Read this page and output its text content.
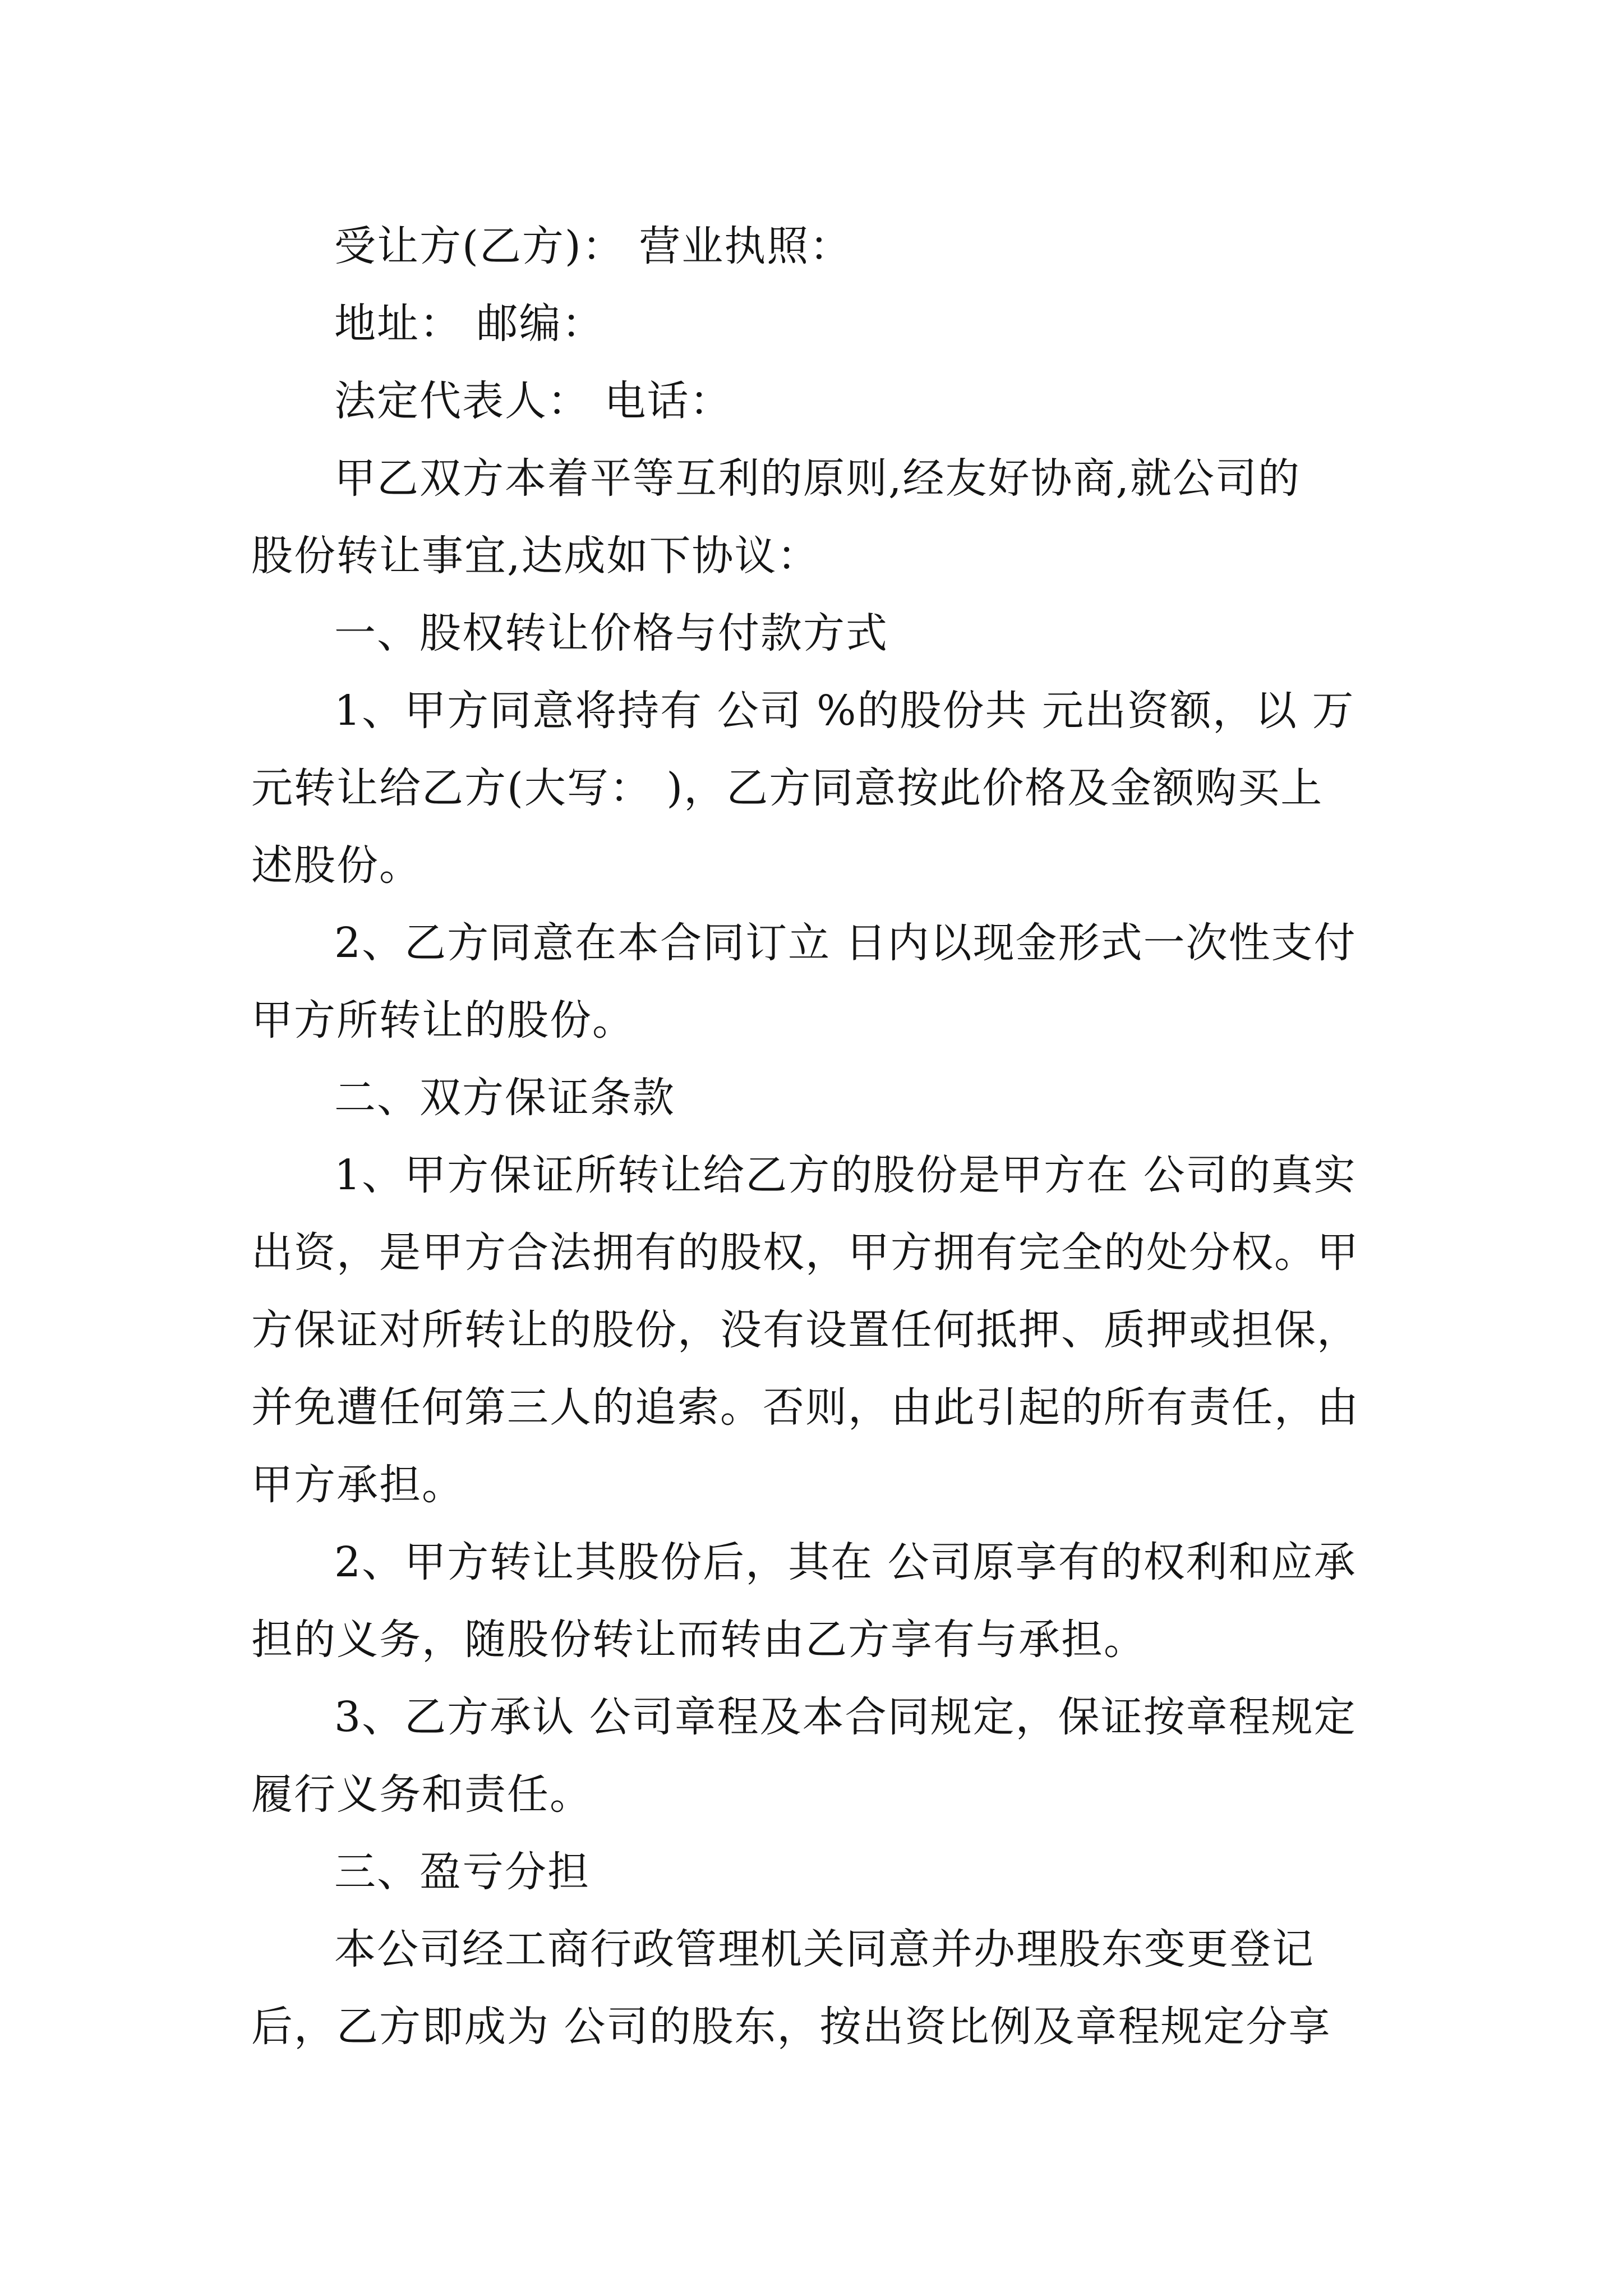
受让方(乙方)： 营业执照：
地址： 邮编：
法定代表人： 电话：
甲乙双方本着平等互利的原则,经友好协商,就公司的
股份转让事宜,达成如下协议：
一、股权转让价格与付款方式
1、甲方同意将持有 公司 %的股份共 元出资额，以 万
元转让给乙方(大写： )，乙方同意按此价格及金额购买上
述股份。
2、乙方同意在本合同订立 日内以现金形式一次性支付
甲方所转让的股份。
二、双方保证条款
1、甲方保证所转让给乙方的股份是甲方在 公司的真实
出资，是甲方合法拥有的股权，甲方拥有完全的处分权。甲
方保证对所转让的股份，没有设置任何抵押、质押或担保，
并免遭任何第三人的追索。否则，由此引起的所有责任，由
甲方承担。
2、甲方转让其股份后，其在 公司原享有的权利和应承
担的义务，随股份转让而转由乙方享有与承担。
3、乙方承认 公司章程及本合同规定，保证按章程规定
履行义务和责任。
三、盈亏分担
本公司经工商行政管理机关同意并办理股东变更登记
后，乙方即成为 公司的股东，按出资比例及章程规定分享
